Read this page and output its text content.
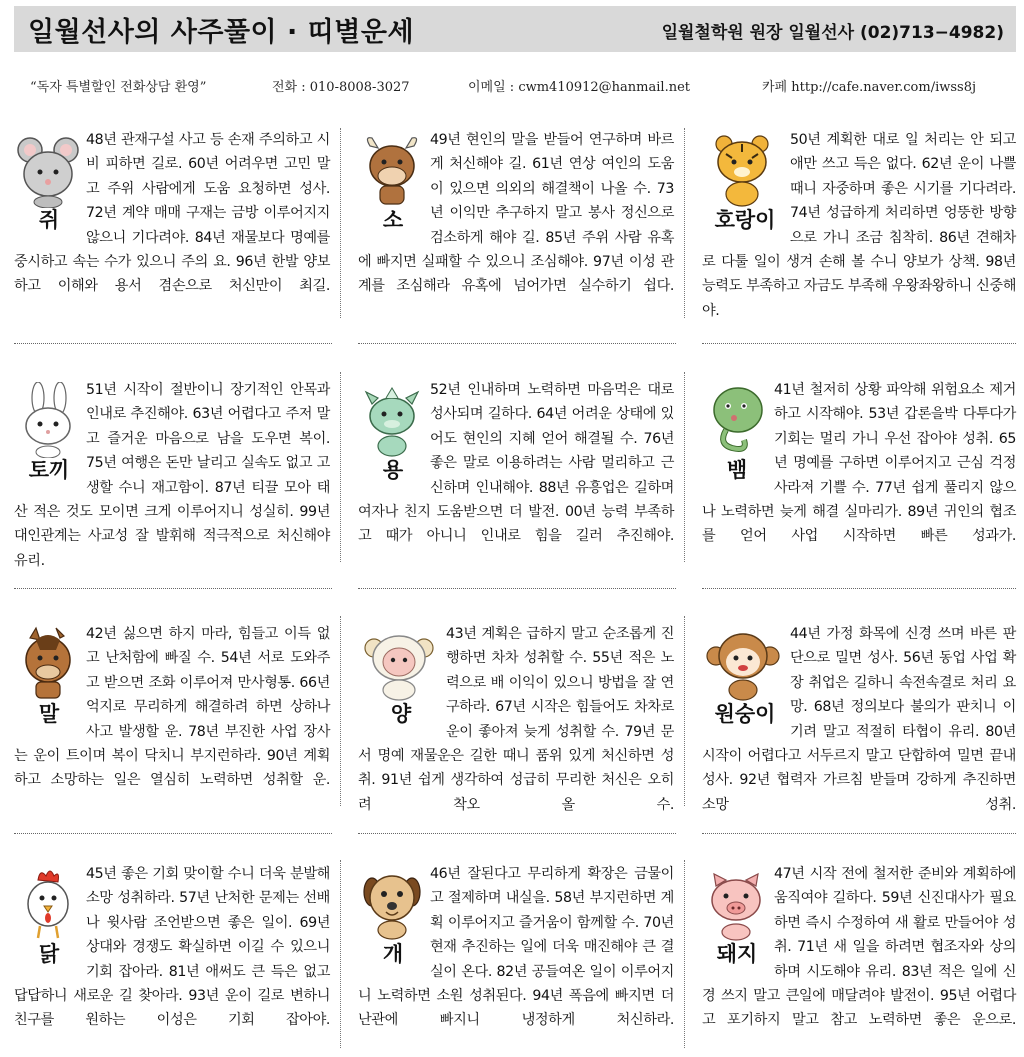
일월선사의 사주풀이 · 띠별운세	일월철학원 원장 일월선사 (02)713−4982)
“독자 특별할인 전화상담 환영”	전화 : 010-8008-3027	이메일 : cwm410912@hanmail.net	카페 http://cafe.naver.com/iwss8j
쥐

48년 관재구설 사고 등 손재 주의하고 시비 피하면 길로. 60년 어려우면 고민 말고 주위 사람에게 도움 요청하면 성사. 72년 계약 매매 구재는 금방 이루어지지 않으니 기다려야. 84년 재물보다 명예를 중시하고 속는 수가 있으니 주의 요. 96년 한발 양보하고 이해와 용서 겸손으로 처신만이 최길.

소

49년 현인의 말을 받들어 연구하며 바르게 처신해야 길. 61년 연상 여인의 도움이 있으면 의외의 해결책이 나올 수. 73년 이익만 추구하지 말고 봉사 정신으로 검소하게 해야 길. 85년 주위 사람 유혹에 빠지면 실패할 수 있으니 조심해야. 97년 이성 관계를 조심해라 유혹에 넘어가면 실수하기 쉽다.

호랑이

50년 계획한 대로 일 처리는 안 되고 애만 쓰고 득은 없다. 62년 운이 나쁠 때니 자중하며 좋은 시기를 기다려라. 74년 성급하게 처리하면 엉뚱한 방향으로 가니 조금 침착히. 86년 견해차로 다툴 일이 생겨 손해 볼 수니 양보가 상책. 98년 능력도 부족하고 자금도 부족해 우왕좌왕하니 신중해야.

토끼

51년 시작이 절반이니 장기적인 안목과 인내로 추진해야. 63년 어렵다고 주저 말고 즐거운 마음으로 남을 도우면 복이. 75년 여행은 돈만 날리고 실속도 없고 고생할 수니 재고함이. 87년 티끌 모아 태산 적은 것도 모이면 크게 이루어지니 성실히. 99년 대인관계는 사교성 잘 발휘해 적극적으로 처신해야 유리.

용

52년 인내하며 노력하면 마음먹은 대로 성사되며 길하다. 64년 어려운 상태에 있어도 현인의 지혜 얻어 해결될 수. 76년 좋은 말로 이용하려는 사람 멀리하고 근신하며 인내해야. 88년 유흥업은 길하며 여자나 친지 도움받으면 더 발전. 00년 능력 부족하고 때가 아니니 인내로 힘을 길러 추진해야.

뱀

41년 철저히 상황 파악해 위험요소 제거하고 시작해야. 53년 갑론을박 다투다가 기회는 멀리 가니 우선 잡아야 성취. 65년 명예를 구하면 이루어지고 근심 걱정 사라져 기쁠 수. 77년 쉽게 풀리지 않으나 노력하면 늦게 해결 실마리가. 89년 귀인의 협조를 얻어 사업 시작하면 빠른 성과가.

말

42년 싫으면 하지 마라, 힘들고 이득 없고 난처함에 빠질 수. 54년 서로 도와주고 받으면 조화 이루어져 만사형통. 66년 억지로 무리하게 해결하려 하면 상하나 사고 발생할 운. 78년 부진한 사업 장사는 운이 트이며 복이 닥치니 부지런하라. 90년 계획하고 소망하는 일은 열심히 노력하면 성취할 운.

양

43년 계획은 급하지 말고 순조롭게 진행하면 차차 성취할 수. 55년 적은 노력으로 배 이익이 있으니 방법을 잘 연구하라. 67년 시작은 힘들어도 차차로 운이 좋아져 늦게 성취할 수. 79년 문서 명예 재물운은 길한 때니 품위 있게 처신하면 성취. 91년 쉽게 생각하여 성급히 무리한 처신은 오히려 착오 올 수.

원숭이

44년 가정 화목에 신경 쓰며 바른 판단으로 밀면 성사. 56년 동업 사업 확장 취업은 길하니 속전속결로 처리 요망. 68년 정의보다 불의가 판치니 이기려 말고 적절히 타협이 유리. 80년 시작이 어렵다고 서두르지 말고 단합하여 밀면 끝내 성사. 92년 협력자 가르침 받들며 강하게 추진하면 소망 성취.

닭

45년 좋은 기회 맞이할 수니 더욱 분발해 소망 성취하라. 57년 난처한 문제는 선배나 윗사람 조언받으면 좋은 일이. 69년 상대와 경쟁도 확실하면 이길 수 있으니 기회 잡아라. 81년 애써도 큰 득은 없고 답답하니 새로운 길 찾아라. 93년 운이 길로 변하니 친구를 원하는 이성은 기회 잡아야.

개

46년 잘된다고 무리하게 확장은 금물이고 절제하며 내실을. 58년 부지런하면 계획 이루어지고 즐거움이 함께할 수. 70년 현재 추진하는 일에 더욱 매진해야 큰 결실이 온다. 82년 공들여온 일이 이루어지니 노력하면 소원 성취된다. 94년 폭음에 빠지면 더 난관에 빠지니 냉정하게 처신하라.

돼지

47년 시작 전에 철저한 준비와 계획하에 움직여야 길하다. 59년 신진대사가 필요하면 즉시 수정하여 새 활로 만들어야 성취. 71년 새 일을 하려면 협조자와 상의하며 시도해야 유리. 83년 적은 일에 신경 쓰지 말고 큰일에 매달려야 발전이. 95년 어렵다고 포기하지 말고 참고 노력하면 좋은 운으로.
